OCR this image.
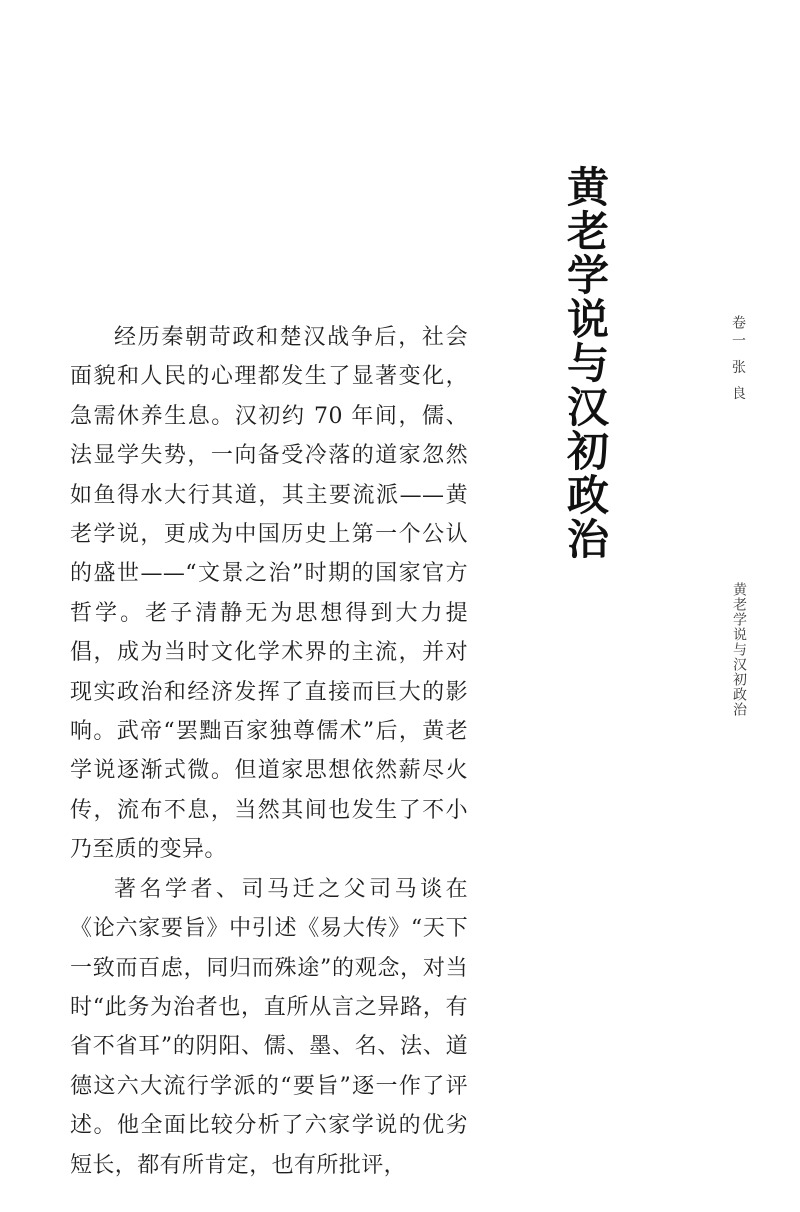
黄老学说与汉初政治	卷一 张 良
黄老学说与汉初政治

经历秦朝苛政和楚汉战争后，社会面貌和人民的心理都发生了显著变化，急需休养生息。汉初约 70 年间，儒、法显学失势，一向备受冷落的道家忽然如鱼得水大行其道，其主要流派——黄老学说，更成为中国历史上第一个公认的盛世——“文景之治”时期的国家官方哲学。老子清静无为思想得到大力提倡，成为当时文化学术界的主流，并对现实政治和经济发挥了直接而巨大的影响。武帝“罢黜百家独尊儒术”后，黄老学说逐渐式微。但道家思想依然薪尽火传，流布不息，当然其间也发生了不小乃至质的变异。

著名学者、司马迁之父司马谈在《论六家要旨》中引述《易大传》“天下一致而百虑，同归而殊途”的观念，对当时“此务为治者也，直所从言之异路，有省不省耳”的阴阳、儒、墨、名、法、道德这六大流行学派的“要旨”逐一作了评述。他全面比较分析了六家学说的优劣短长，都有所肯定，也有所批评，
